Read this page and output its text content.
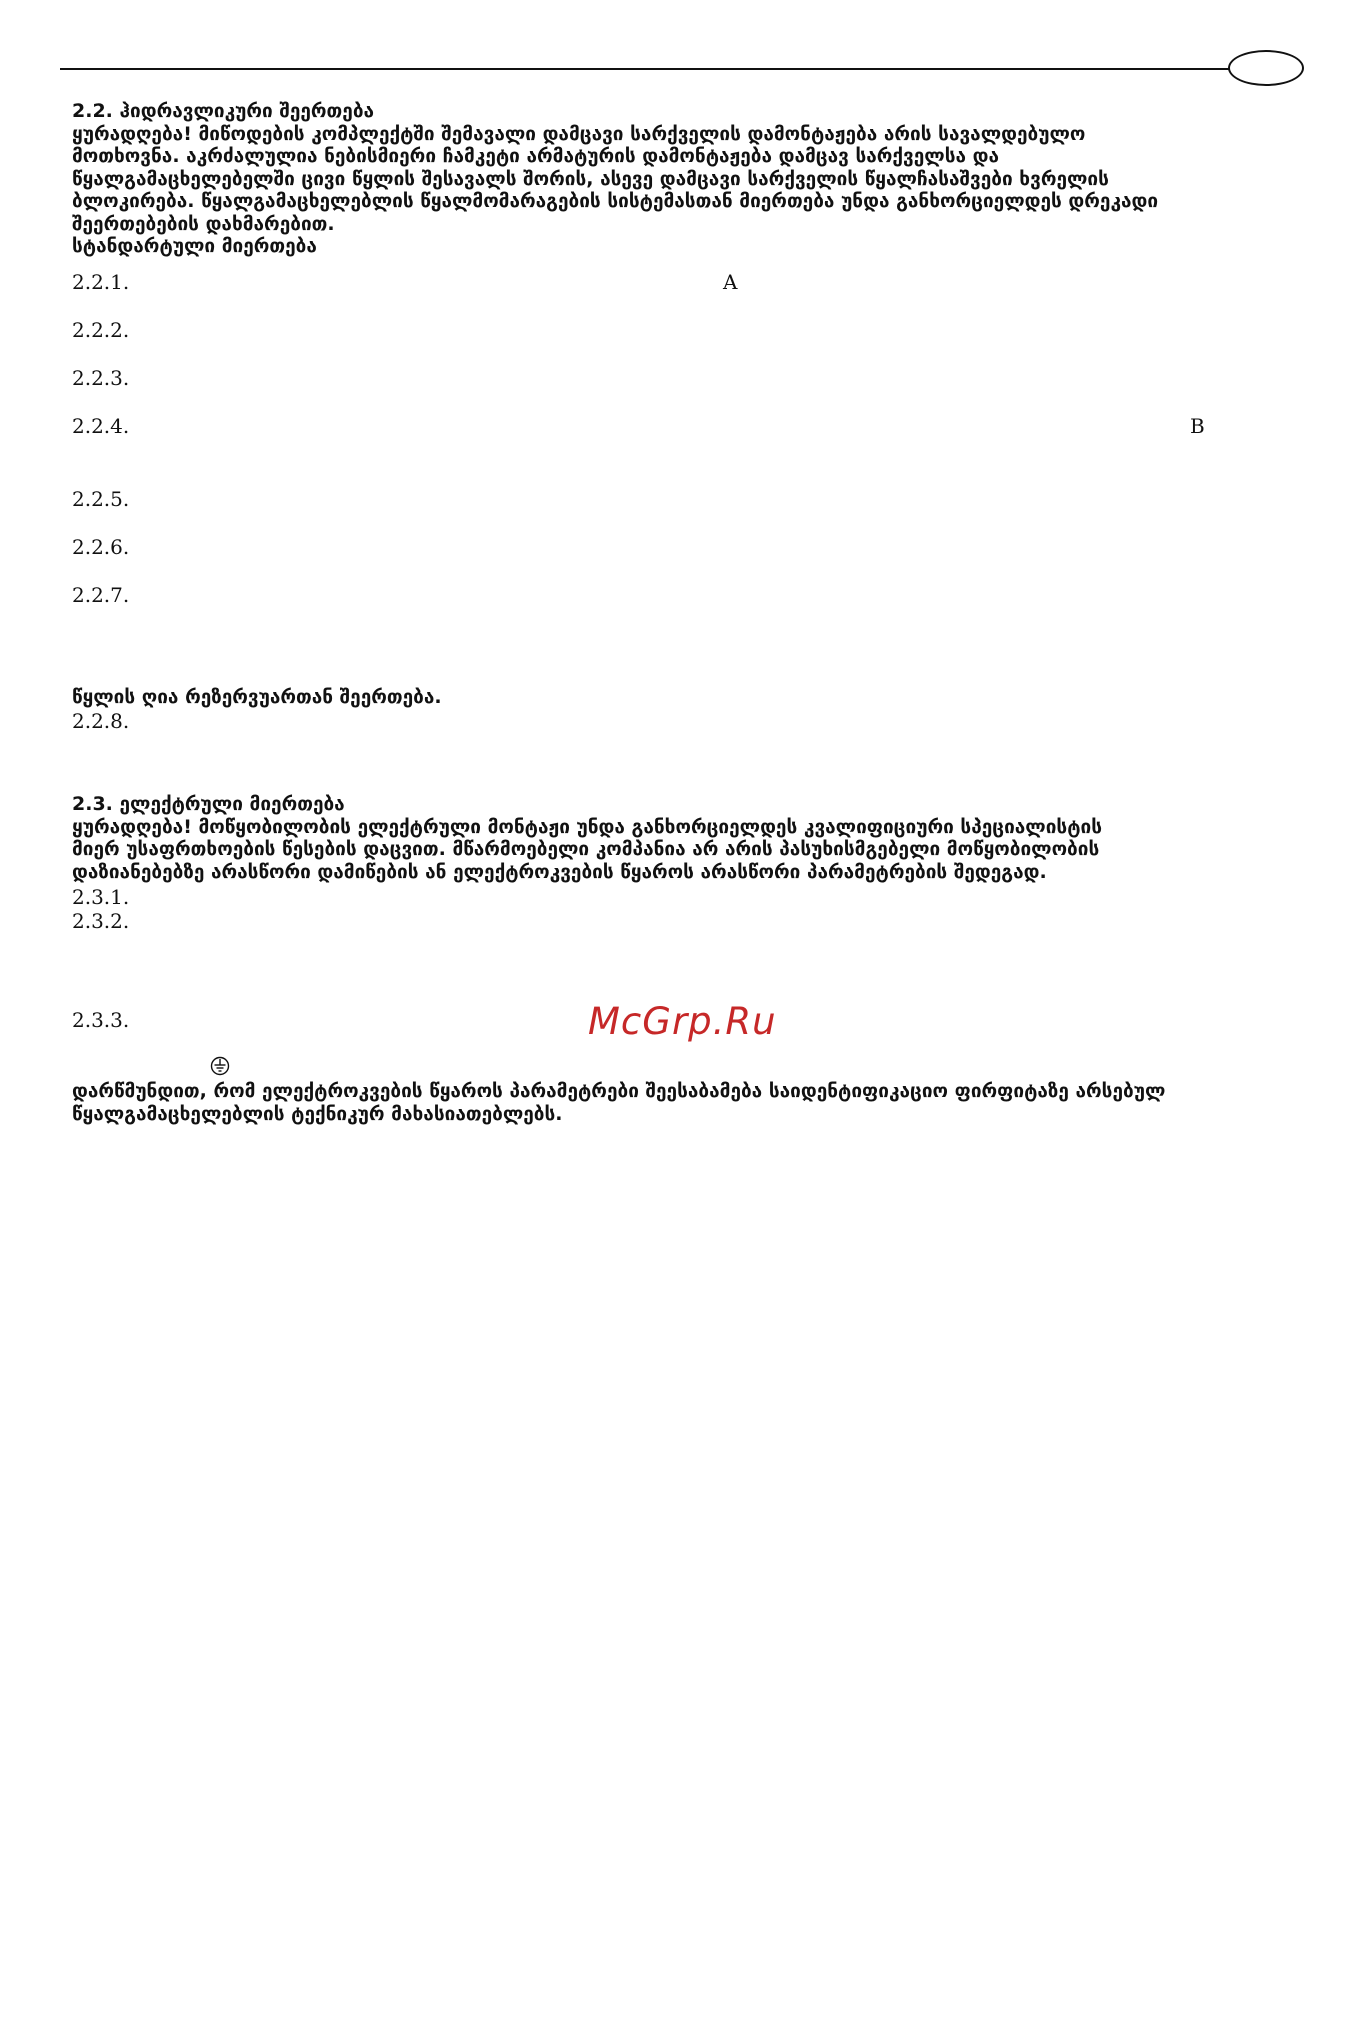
2.2. ჰიდრავლიკური შეერთება

ყურადღება! მიწოდების კომპლექტში შემავალი დამცავი სარქველის დამონტაჟება არის სავალდებულო

მოთხოვნა. აკრძალულია ნებისმიერი ჩამკეტი არმატურის დამონტაჟება დამცავ სარქველსა და

წყალგამაცხელებელში ცივი წყლის შესავალს შორის, ასევე დამცავი სარქველის წყალჩასაშვები ხვრელის

ბლოკირება. წყალგამაცხელებლის წყალმომარაგების სისტემასთან მიერთება უნდა განხორციელდეს დრეკადი

შეერთებების დახმარებით.

სტანდარტული მიერთება

2.2.1.	A
2.2.2.
2.2.3.
2.2.4.	B
2.2.5.
2.2.6.
2.2.7.

წყლის ღია რეზერვუართან შეერთება.

2.2.8.

2.3. ელექტრული მიერთება

ყურადღება! მოწყობილობის ელექტრული მონტაჟი უნდა განხორციელდეს კვალიფიციური სპეციალისტის

მიერ უსაფრთხოების წესების დაცვით. მწარმოებელი კომპანია არ არის პასუხისმგებელი მოწყობილობის

დაზიანებებზე არასწორი დამიწების ან ელექტროკვების წყაროს არასწორი პარამეტრების შედეგად.

2.3.1.
2.3.2.
2.3.3.	McGrp.Ru

დარწმუნდით, რომ ელექტროკვების წყაროს პარამეტრები შეესაბამება საიდენტიფიკაციო ფირფიტაზე არსებულ

წყალგამაცხელებლის ტექნიკურ მახასიათებლებს.
